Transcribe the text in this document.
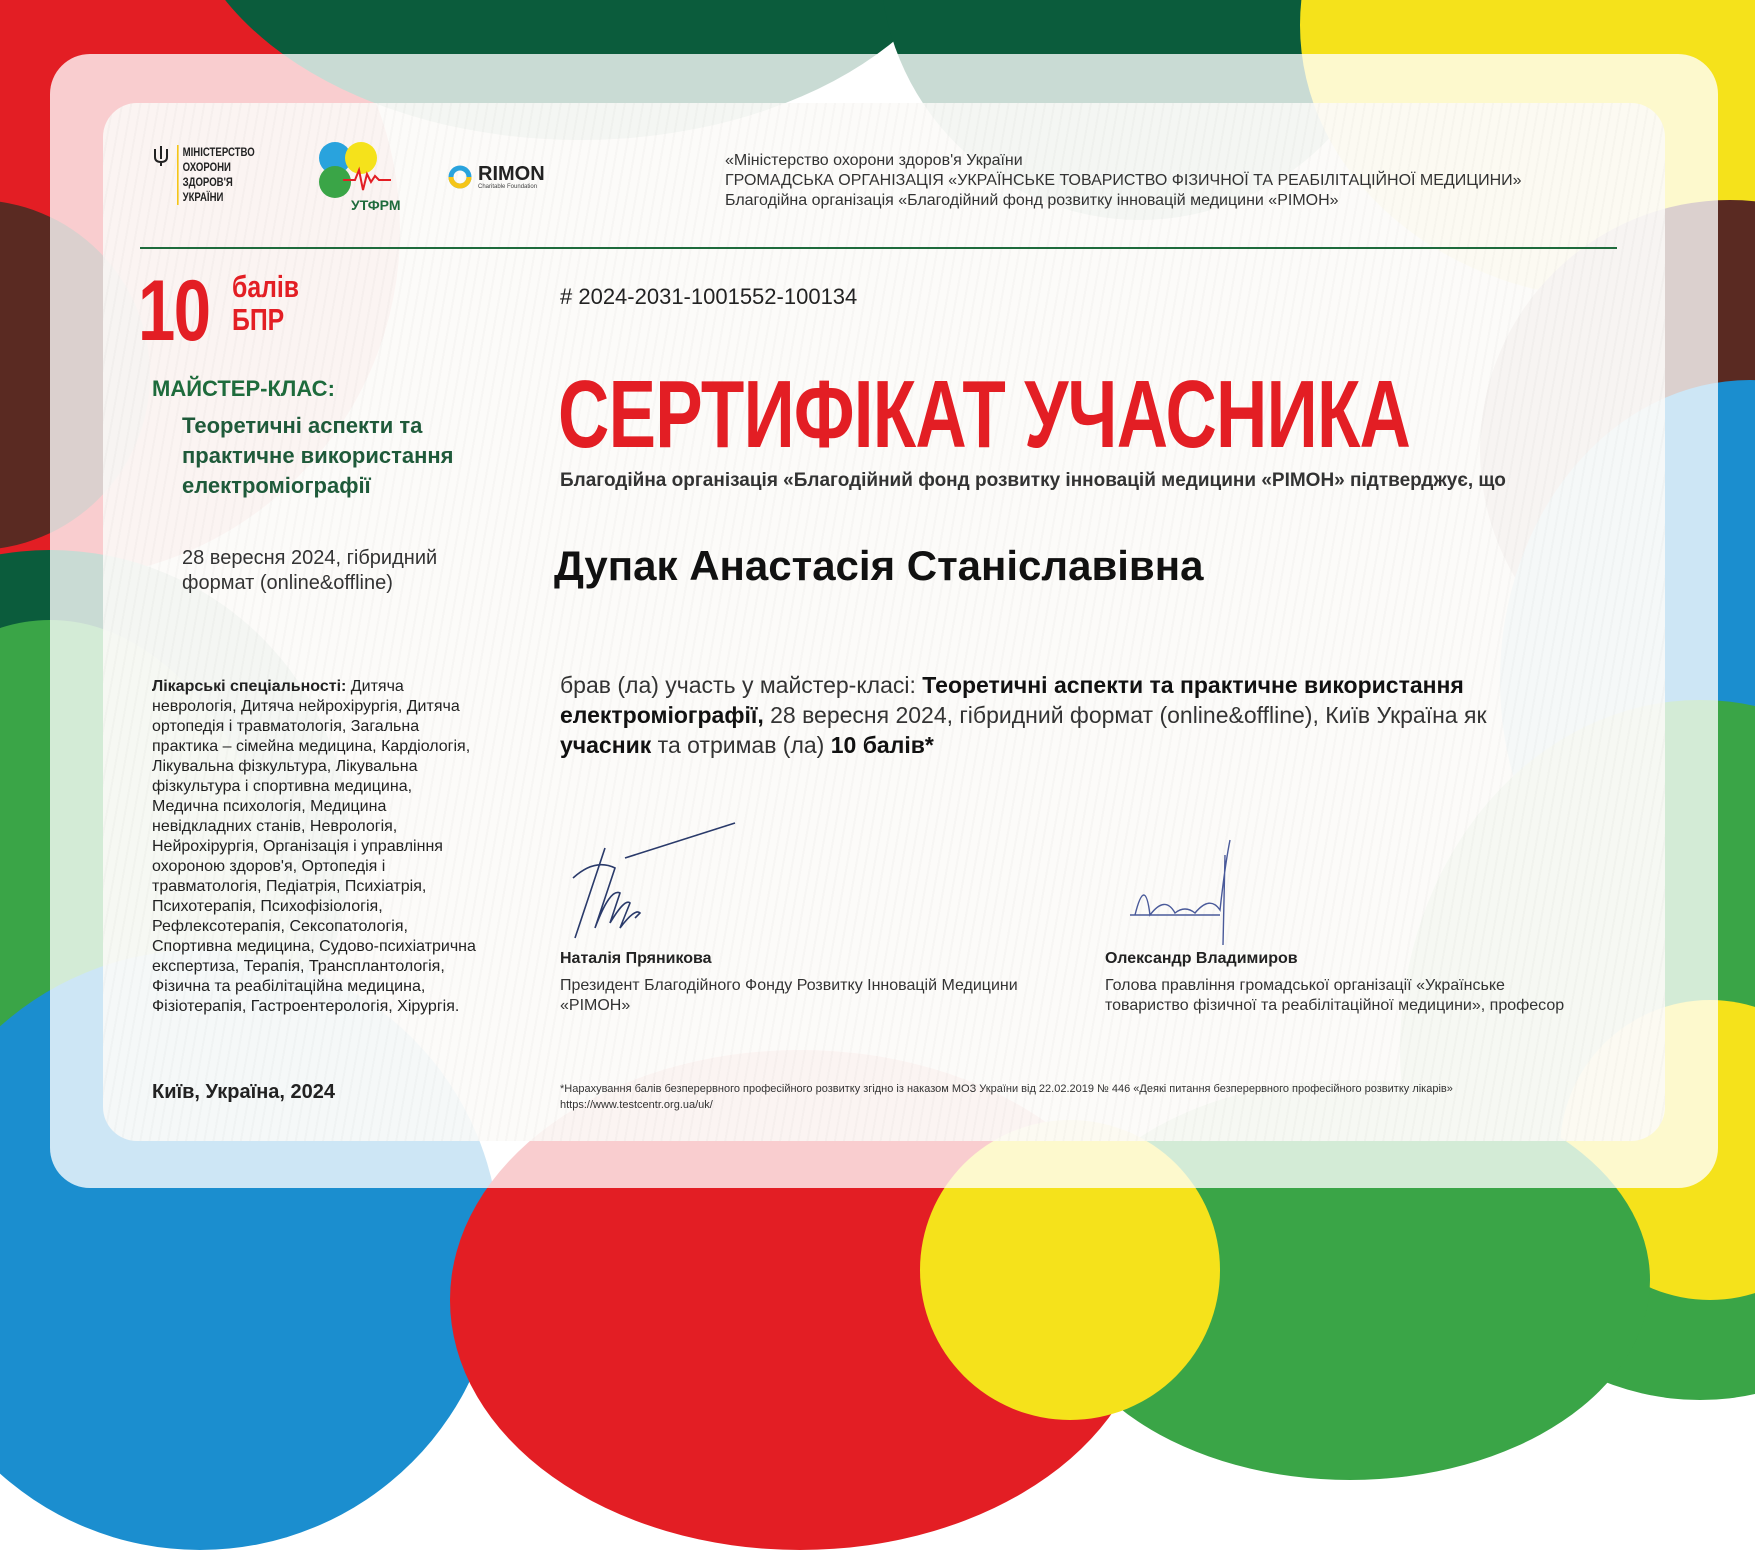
МІНІСТЕРСТВО
ОХОРОНИ
ЗДОРОВ'Я
УКРАЇНИ	УТФРМ
RIMON
Charitable Foundation
«Міністерство охорони здоров'я України
ГРОМАДСЬКА ОРГАНІЗАЦІЯ «УКРАЇНСЬКЕ ТОВАРИСТВО ФІЗИЧНОЇ ТА РЕАБІЛІТАЦІЙНОЇ МЕДИЦИНИ»
Благодійна організація «Благодійний фонд розвитку інновацій медицини «РІМОН»
10 балів
БПР
МАЙСТЕР-КЛАС:
Теоретичні аспекти та практичне використання електроміографії
28 вересня 2024, гібридний формат (online&offline)
Лікарські спеціальності: Дитяча неврологія, Дитяча нейрохірургія, Дитяча ортопедія і травматологія, Загальна практика – сімейна медицина, Кардіологія, Лікувальна фізкультура, Лікувальна фізкультура і спортивна медицина, Медична психологія, Медицина невідкладних станів, Неврологія, Нейрохірургія, Організація і управління охороною здоров'я, Ортопедія і травматологія, Педіатрія, Психіатрія, Психотерапія, Психофізіологія, Рефлексотерапія, Сексопатологія, Спортивна медицина, Судово-психіатрична експертиза, Терапія, Трансплантологія, Фізична та реабілітаційна медицина, Фізіотерапія, Гастроентерологія, Хірургія.
Київ, Україна, 2024
# 2024-2031-1001552-100134
СЕРТИФІКАТ УЧАСНИКА
Благодійна організація «Благодійний фонд розвитку інновацій медицини «РІМОН» підтверджує, що
Дупак Анастасія Станіславівна
брав (ла) участь у майстер-класі: Теоретичні аспекти та практичне використання електроміографії, 28 вересня 2024, гібридний формат (online&offline), Київ Україна як учасник та отримав (ла) 10 балів*
Наталія Пряникова
Президент Благодійного Фонду Розвитку Інновацій Медицини «РІМОН»
Олександр Владимиров
Голова правління громадської організації «Українське товариство фізичної та реабілітаційної медицини», професор
*Нарахування балів безперервного професійного розвитку згідно із наказом МОЗ України від 22.02.2019 № 446 «Деякі питання безперервного професійного розвитку лікарів»
https://www.testcentr.org.ua/uk/
